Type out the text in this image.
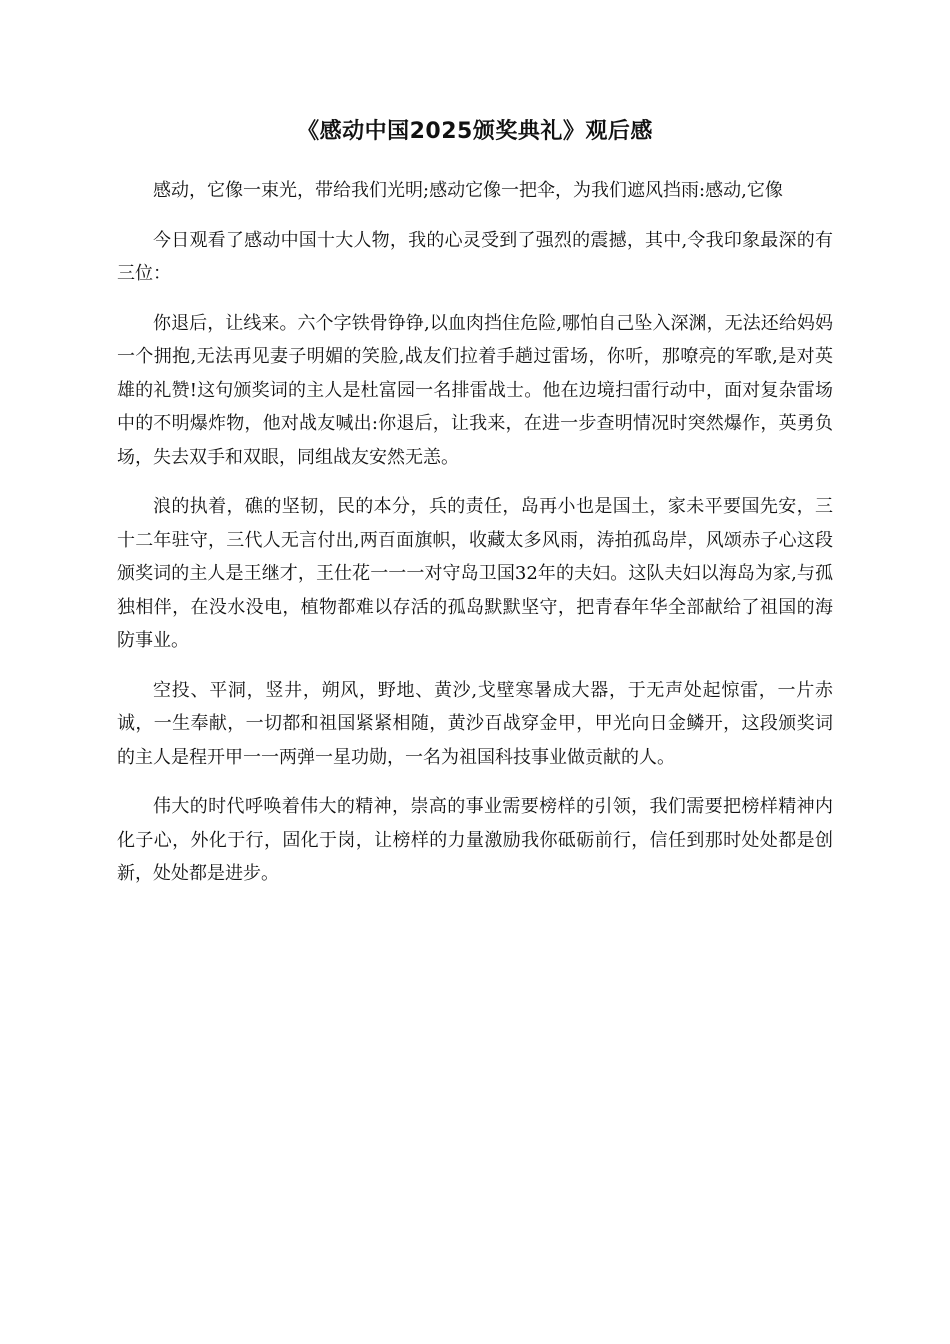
《感动中国2025颁奖典礼》观后感

感动，它像一束光，带给我们光明;感动它像一把伞，为我们遮风挡雨:感动,它像

今日观看了感动中国十大人物，我的心灵受到了强烈的震撼，其中,令我印象最深的有三位：

你退后，让线来。六个字铁骨铮铮,以血肉挡住危险,哪怕自己坠入深渊，无法还给妈妈一个拥抱,无法再见妻子明媚的笑脸,战友们拉着手趟过雷场，你听，那嘹亮的军歌,是对英雄的礼赞!这句颁奖词的主人是杜富园一名排雷战士。他在边境扫雷行动中，面对复杂雷场中的不明爆炸物，他对战友喊出:你退后，让我来，在进一步查明情况时突然爆作，英勇负场，失去双手和双眼，同组战友安然无恙。

浪的执着，礁的坚韧，民的本分，兵的责任，岛再小也是国土，家未平要国先安，三十二年驻守，三代人无言付出,两百面旗帜，收藏太多风雨，涛拍孤岛岸，风颂赤子心这段颁奖词的主人是王继才，王仕花一一一对守岛卫国32年的夫妇。这队夫妇以海岛为家,与孤独相伴，在没水没电，植物都难以存活的孤岛默默坚守，把青春年华全部献给了祖国的海防事业。

空投、平洞，竖井，朔风，野地、黄沙,戈壁寒暑成大器，于无声处起惊雷，一片赤诚，一生奉献，一切都和祖国紧紧相随，黄沙百战穿金甲，甲光向日金鳞开，这段颁奖词的主人是程开甲一一两弹一星功勋，一名为祖国科技事业做贡献的人。

伟大的时代呼唤着伟大的精神，崇高的事业需要榜样的引领，我们需要把榜样精神内化子心，外化于行，固化于岗，让榜样的力量激励我你砥砺前行，信任到那时处处都是创新，处处都是进步。
